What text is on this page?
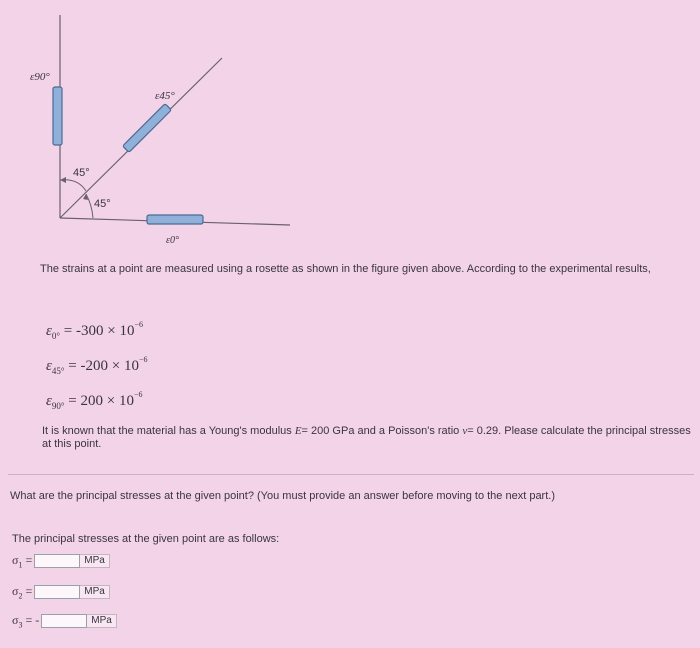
ε90°
ε45°
ε0°
45°
45°
The strains at a point are measured using a rosette as shown in the figure given above. According to the experimental results,
$\varepsilon_{0^\circ} = -300 \times 10^{-6}$
$\varepsilon_{45^\circ} = -200 \times 10^{-6}$
$\varepsilon_{90^\circ} = 200 \times 10^{-6}$
It is known that the material has a Young's modulus E= 200 GPa and a Poisson's ratio ν= 0.29. Please calculate the principal stresses at this point.
What are the principal stresses at the given point? (You must provide an answer before moving to the next part.)
The principal stresses at the given point are as follows:
$\sigma_1$ =	MPa
$\sigma_2$ =	MPa
$\sigma_3$ = -	MPa
